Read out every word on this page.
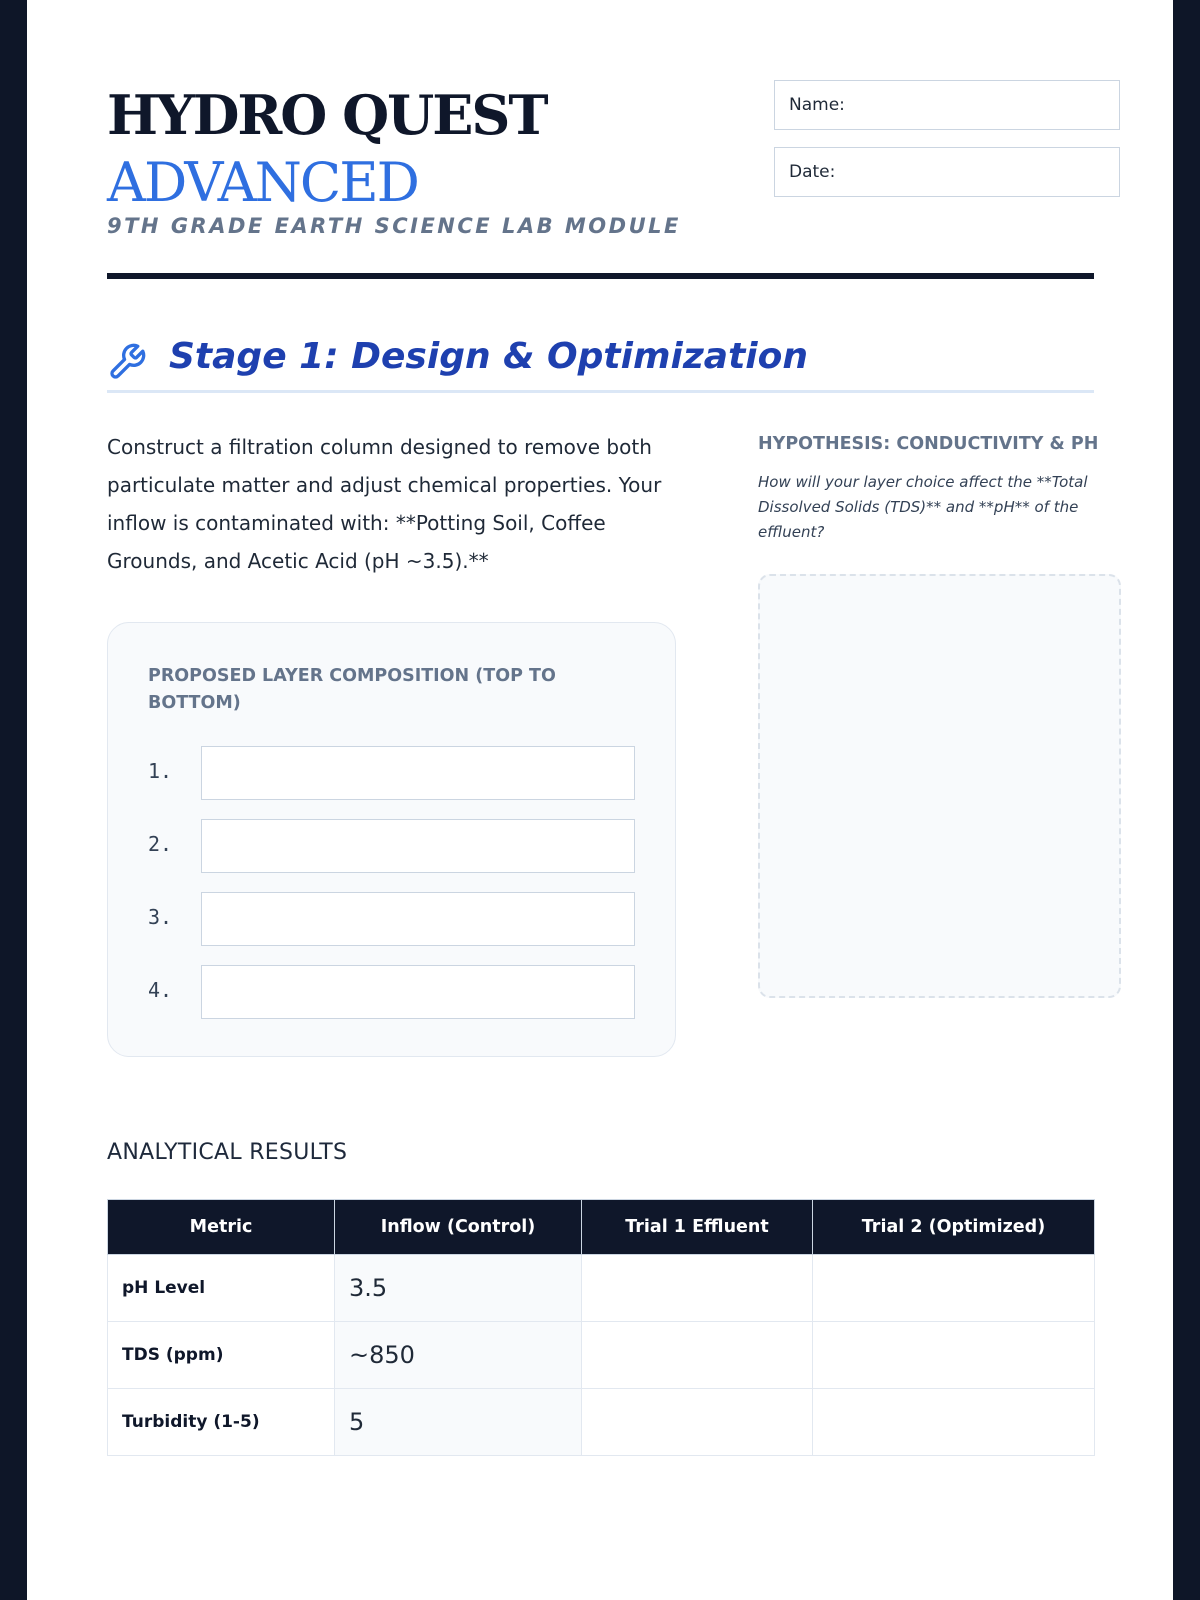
HYDRO QUEST
ADVANCED
9TH GRADE EARTH SCIENCE LAB MODULE
Name:
Date:
Stage 1: Design & Optimization
Construct a filtration column designed to remove both particulate matter and adjust chemical properties. Your inflow is contaminated with: **Potting Soil, Coffee Grounds, and Acetic Acid (pH ~3.5).**
PROPOSED LAYER COMPOSITION (TOP TO BOTTOM)
1.
2.
3.
4.
HYPOTHESIS: CONDUCTIVITY & PH
How will your layer choice affect the **Total Dissolved Solids (TDS)** and **pH** of the effluent?
ANALYTICAL RESULTS
Metric	Inflow (Control)	Trial 1 Effluent	Trial 2 (Optimized)
pH Level	3.5		
TDS (ppm)	~850		
Turbidity (1-5)	5		
